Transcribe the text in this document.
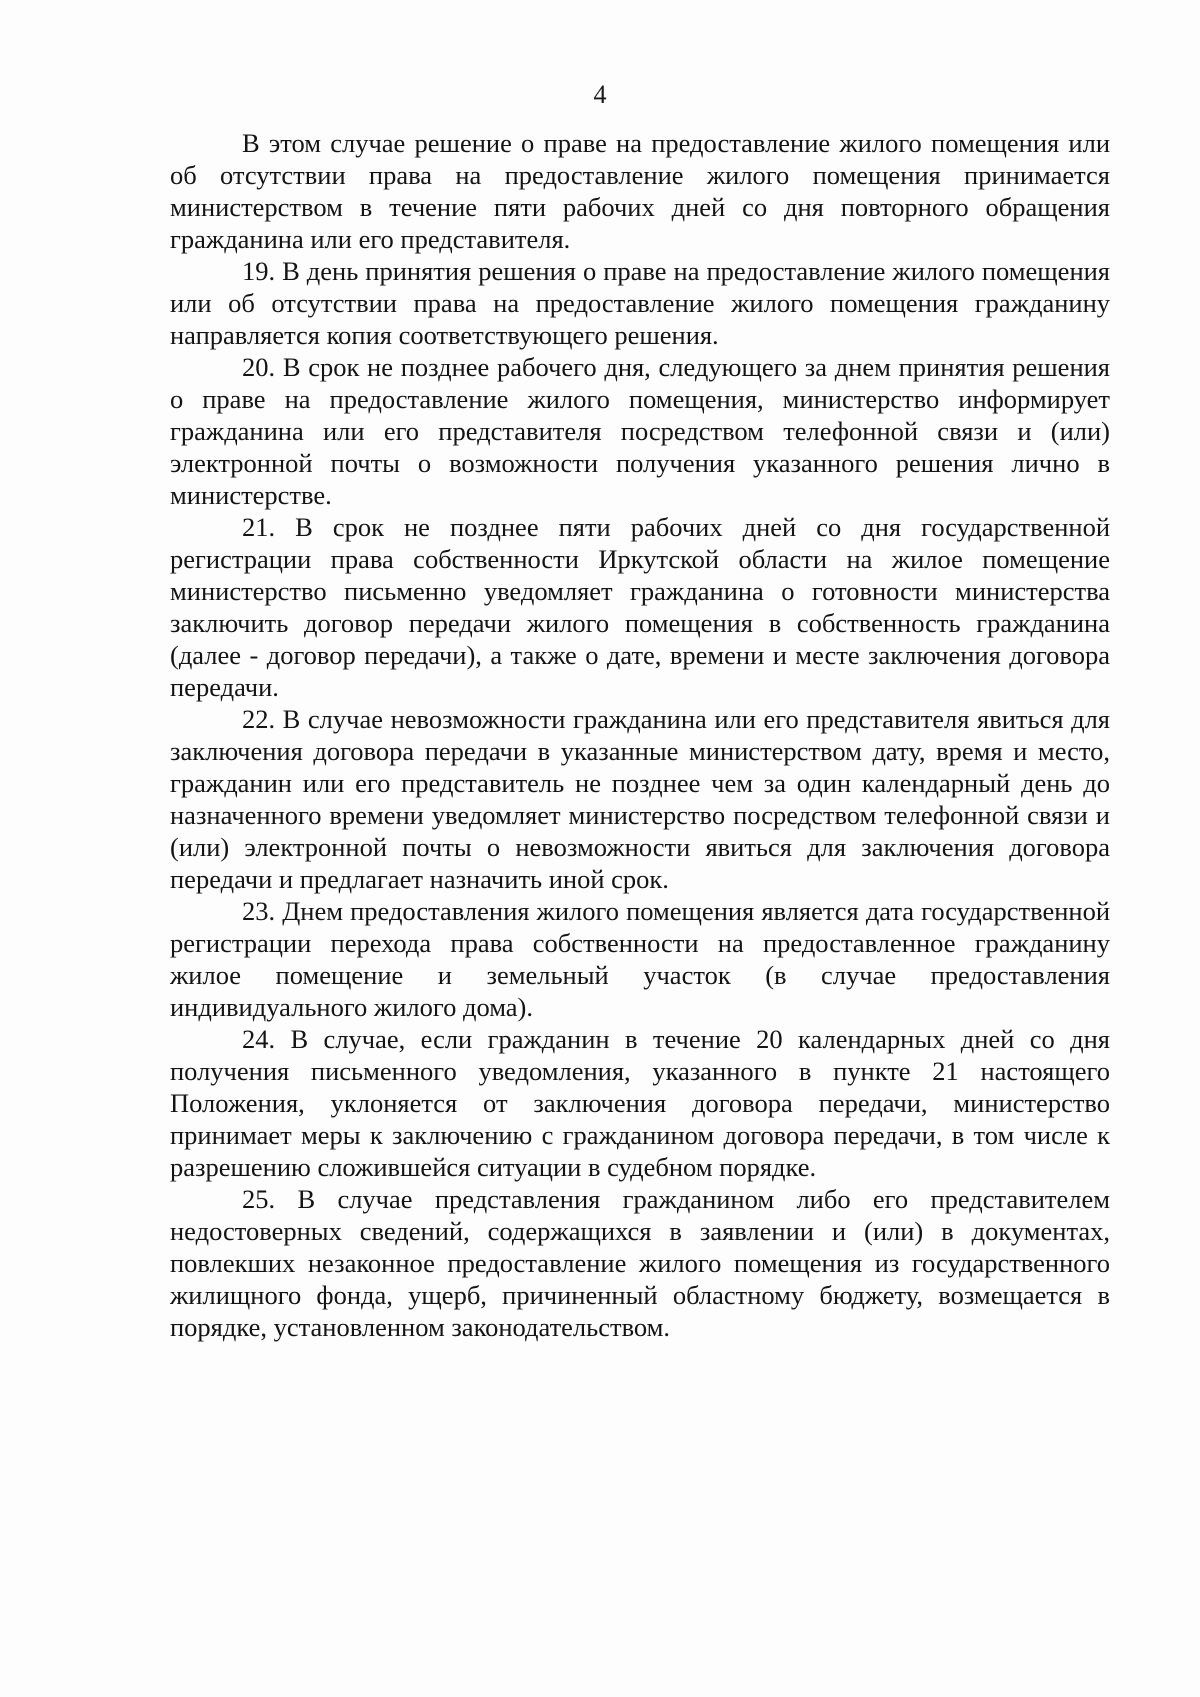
4

В этом случае решение о праве на предоставление жилого помещения или об отсутствии права на предоставление жилого помещения принимается министерством в течение пяти рабочих дней со дня повторного обращения гражданина или его представителя.

19. В день принятия решения о праве на предоставление жилого помещения или об отсутствии права на предоставление жилого помещения гражданину направляется копия соответствующего решения.

20. В срок не позднее рабочего дня, следующего за днем принятия решения о праве на предоставление жилого помещения, министерство информирует гражданина или его представителя посредством телефонной связи и (или) электронной почты о возможности получения указанного решения лично в министерстве.

21. В срок не позднее пяти рабочих дней со дня государственной регистрации права собственности Иркутской области на жилое помещение министерство письменно уведомляет гражданина о готовности министерства заключить договор передачи жилого помещения в собственность гражданина (далее - договор передачи), а также о дате, времени и месте заключения договора передачи.

22. В случае невозможности гражданина или его представителя явиться для заключения договора передачи в указанные министерством дату, время и место, гражданин или его представитель не позднее чем за один календарный день до назначенного времени уведомляет министерство посредством телефонной связи и (или) электронной почты о невозможности явиться для заключения договора передачи и предлагает назначить иной срок.

23. Днем предоставления жилого помещения является дата государственной регистрации перехода права собственности на предоставленное гражданину жилое помещение и земельный участок (в случае предоставления индивидуального жилого дома).

24. В случае, если гражданин в течение 20 календарных дней со дня получения письменного уведомления, указанного в пункте 21 настоящего Положения, уклоняется от заключения договора передачи, министерство принимает меры к заключению с гражданином договора передачи, в том числе к разрешению сложившейся ситуации в судебном порядке.

25. В случае представления гражданином либо его представителем недостоверных сведений, содержащихся в заявлении и (или) в документах, повлекших незаконное предоставление жилого помещения из государственного жилищного фонда, ущерб, причиненный областному бюджету, возмещается в порядке, установленном законодательством.
